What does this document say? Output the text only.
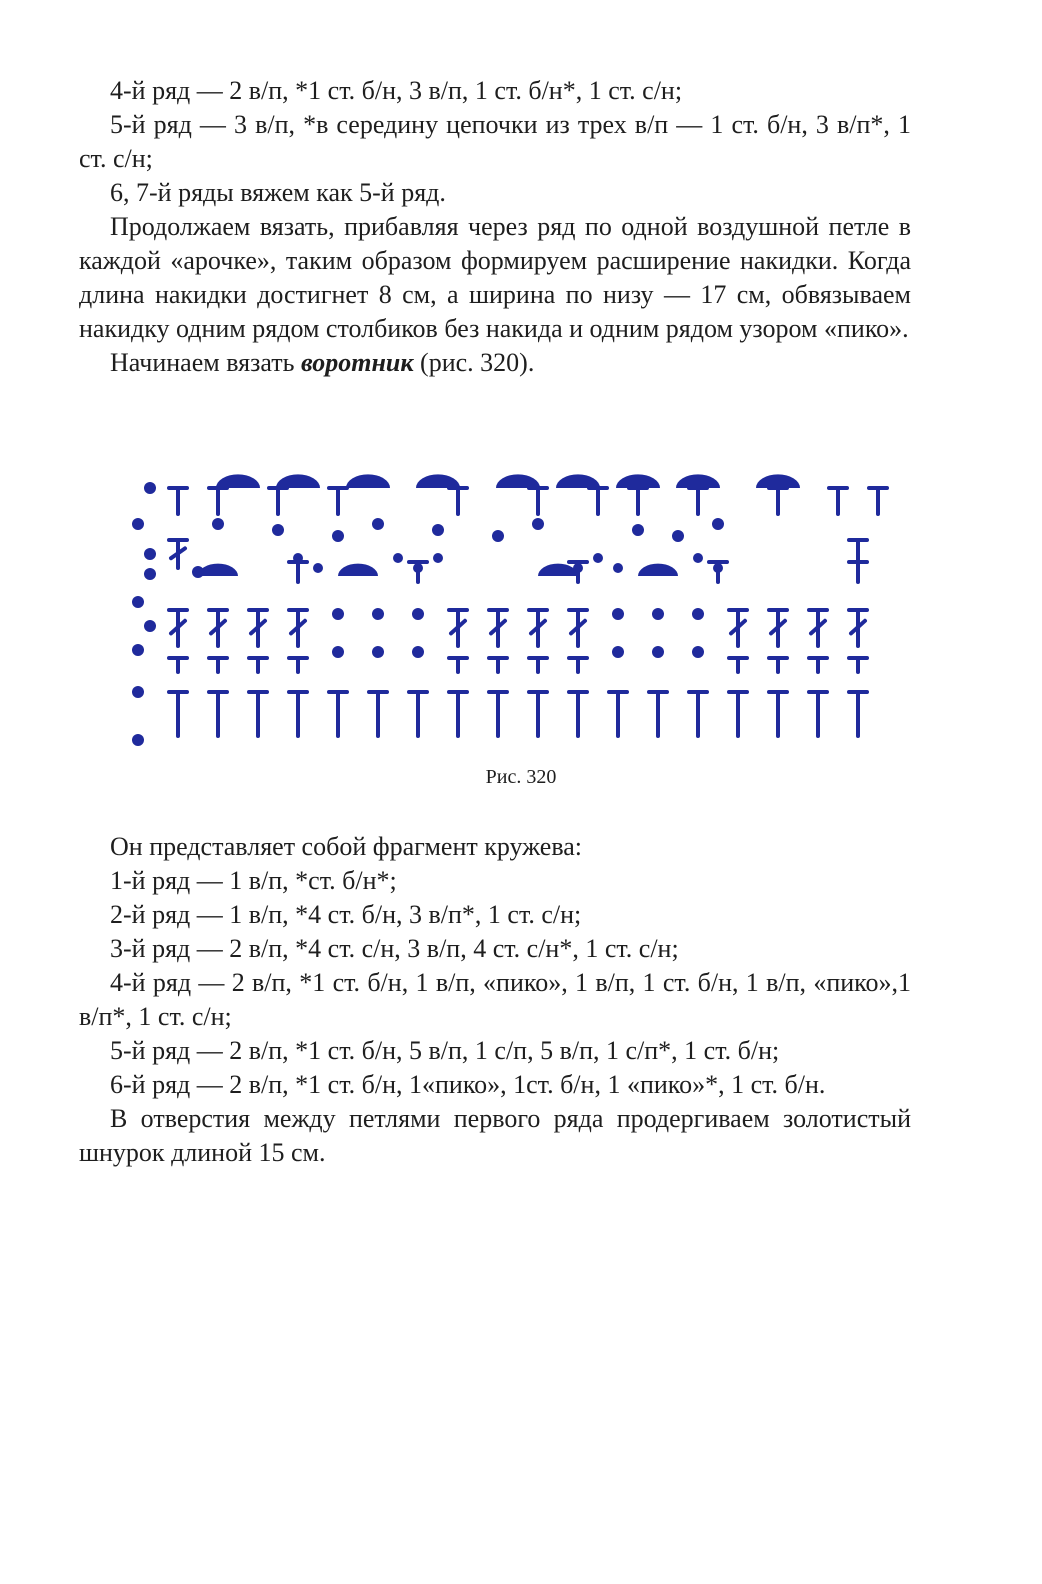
4-й ряд — 2 в/п, *1 ст. б/н, 3 в/п, 1 ст. б/н*, 1 ст. с/н;

5-й ряд — 3 в/п, *в середину цепочки из трех в/п — 1 ст. б/н, 3 в/п*, 1 ст. с/н;

6, 7-й ряды вяжем как 5-й ряд.

Продолжаем вязать, прибавляя через ряд по одной воздушной петле в каждой «арочке», таким образом формируем расширение накидки. Когда длина накидки достигнет 8 см, а ширина по низу — 17 см, обвязываем накидку одним рядом столбиков без накида и одним рядом узором «пико».

Начинаем вязать воротник (рис. 320).

Рис. 320

Он представляет собой фрагмент кружева:

1-й ряд — 1 в/п, *ст. б/н*;

2-й ряд — 1 в/п, *4 ст. б/н, 3 в/п*, 1 ст. с/н;

3-й ряд — 2 в/п, *4 ст. с/н, 3 в/п, 4 ст. с/н*, 1 ст. с/н;

4-й ряд — 2 в/п, *1 ст. б/н, 1 в/п, «пико», 1 в/п, 1 ст. б/н, 1 в/п, «пико»,1 в/п*, 1 ст. с/н;

5-й ряд — 2 в/п, *1 ст. б/н, 5 в/п, 1 с/п, 5 в/п, 1 с/п*, 1 ст. б/н;

6-й ряд — 2 в/п, *1 ст. б/н, 1«пико», 1ст. б/н, 1 «пико»*, 1 ст. б/н.

В отверстия между петлями первого ряда продергиваем золотистый шнурок длиной 15 см.
